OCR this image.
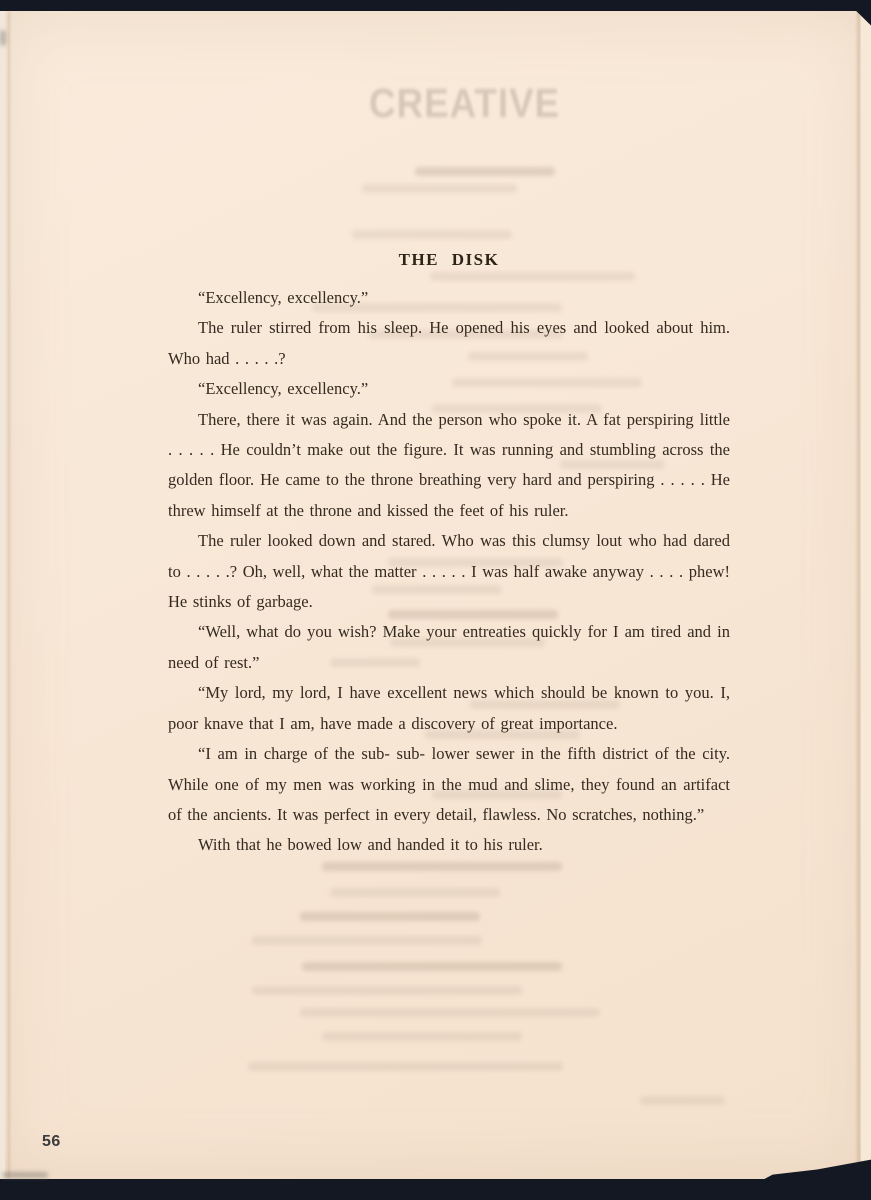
CREATIVE
THE DISK

“Excellency, excellency.”

The ruler stirred from his sleep. He opened his eyes and looked about him. Who had . . . . .?

“Excellency, excellency.”

There, there it was again. And the person who spoke it. A fat perspiring little . . . . . He couldn’t make out the figure. It was running and stumbling across the golden floor. He came to the throne breathing very hard and perspiring . . . . . He threw himself at the throne and kissed the feet of his ruler.

The ruler looked down and stared. Who was this clumsy lout who had dared to . . . . .? Oh, well, what the matter . . . . . I was half awake anyway . . . . phew! He stinks of garbage.

“Well, what do you wish? Make your entreaties quickly for I am tired and in need of rest.”

“My lord, my lord, I have excellent news which should be known to you. I, poor knave that I am, have made a discovery of great importance.

“I am in charge of the sub- sub- lower sewer in the fifth district of the city. While one of my men was working in the mud and slime, they found an artifact of the ancients. It was perfect in every detail, flawless. No scratches, nothing.”

With that he bowed low and handed it to his ruler.

56
